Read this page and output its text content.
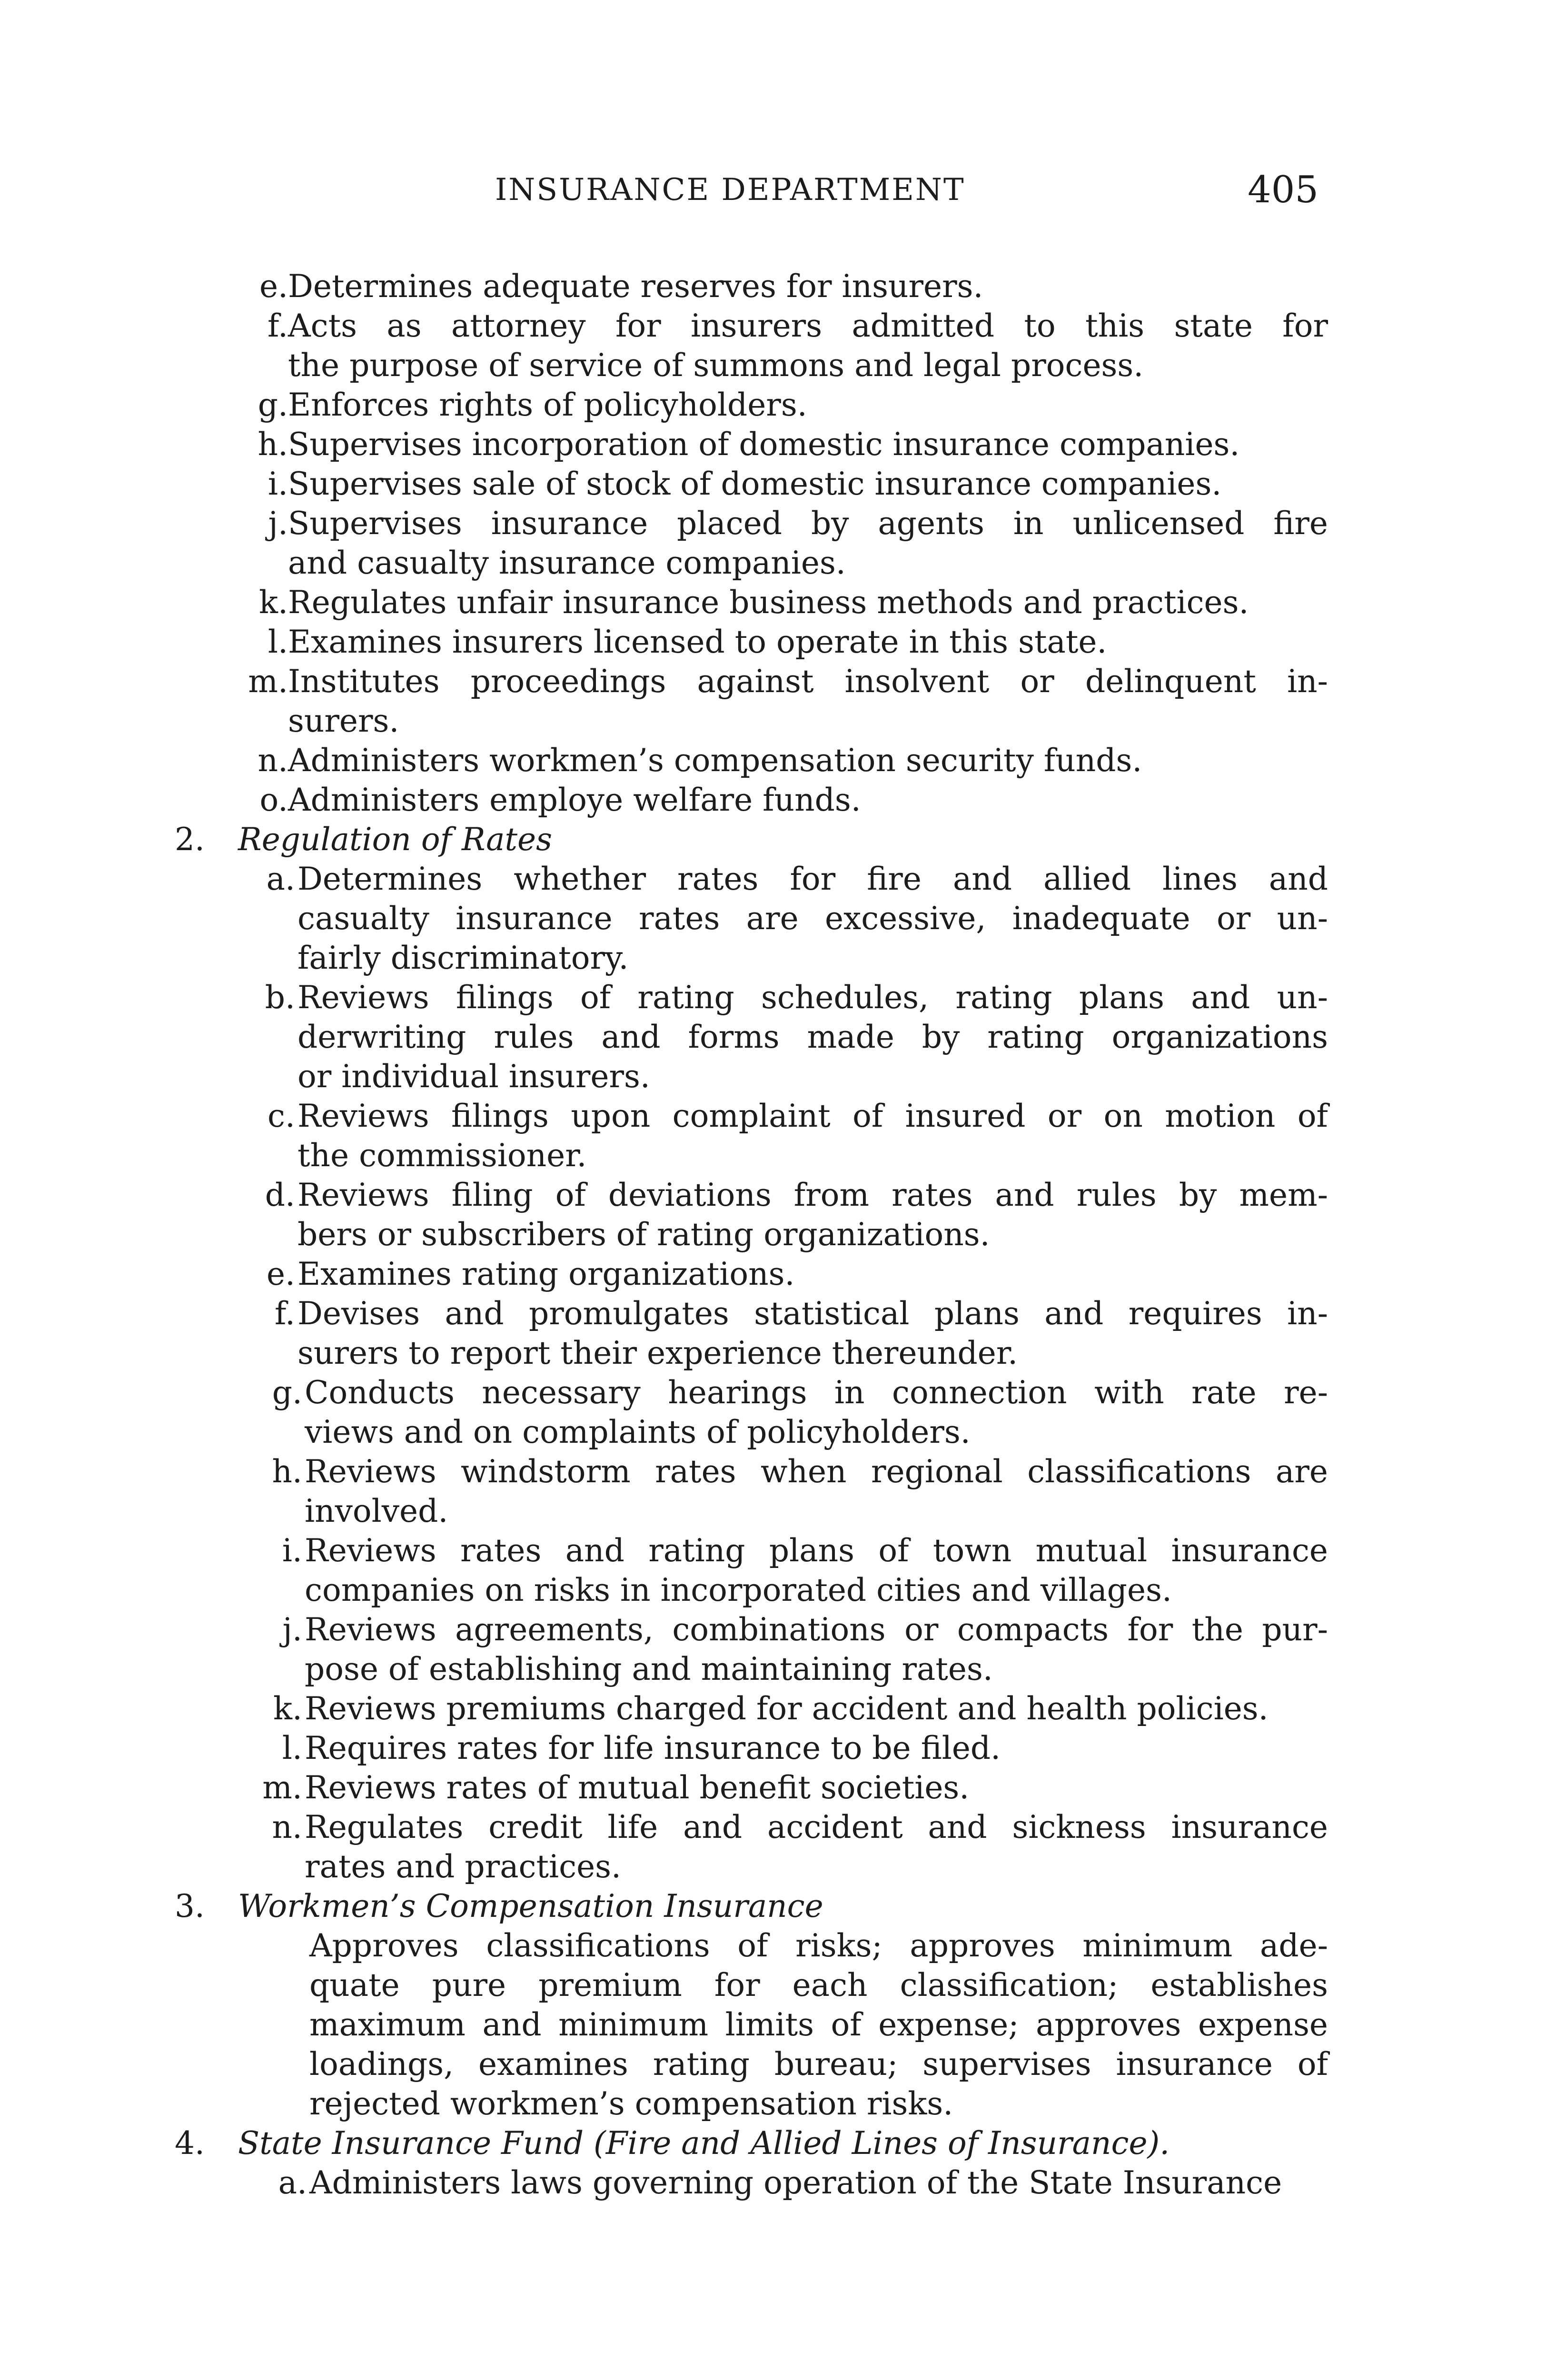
INSURANCE DEPARTMENT	405
e. Determines adequate reserves for insurers.
f. Acts as attorney for insurers admitted to this state for
the purpose of service of summons and legal process.
g. Enforces rights of policyholders.
h. Supervises incorporation of domestic insurance companies.
i. Supervises sale of stock of domestic insurance companies.
j. Supervises insurance placed by agents in unlicensed fire
and casualty insurance companies.
k. Regulates unfair insurance business methods and practices.
l. Examines insurers licensed to operate in this state.
m. Institutes proceedings against insolvent or delinquent in-
surers.
n. Administers workmen’s compensation security funds.
o. Administers employe welfare funds.
2. Regulation of Rates
a. Determines whether rates for fire and allied lines and
casualty insurance rates are excessive, inadequate or un-
fairly discriminatory.
b. Reviews filings of rating schedules, rating plans and un-
derwriting rules and forms made by rating organizations
or individual insurers.
c. Reviews filings upon complaint of insured or on motion of
the commissioner.
d. Reviews filing of deviations from rates and rules by mem-
bers or subscribers of rating organizations.
e. Examines rating organizations.
f. Devises and promulgates statistical plans and requires in-
surers to report their experience thereunder.
g. Conducts necessary hearings in connection with rate re-
views and on complaints of policyholders.
h. Reviews windstorm rates when regional classifications are
involved.
i. Reviews rates and rating plans of town mutual insurance
companies on risks in incorporated cities and villages.
j. Reviews agreements, combinations or compacts for the pur-
pose of establishing and maintaining rates.
k. Reviews premiums charged for accident and health policies.
l. Requires rates for life insurance to be filed.
m. Reviews rates of mutual benefit societies.
n. Regulates credit life and accident and sickness insurance
rates and practices.
3. Workmen’s Compensation Insurance
Approves classifications of risks; approves minimum ade-
quate pure premium for each classification; establishes
maximum and minimum limits of expense; approves expense
loadings, examines rating bureau; supervises insurance of
rejected workmen’s compensation risks.
4. State Insurance Fund (Fire and Allied Lines of Insurance).
a. Administers laws governing operation of the State Insurance
